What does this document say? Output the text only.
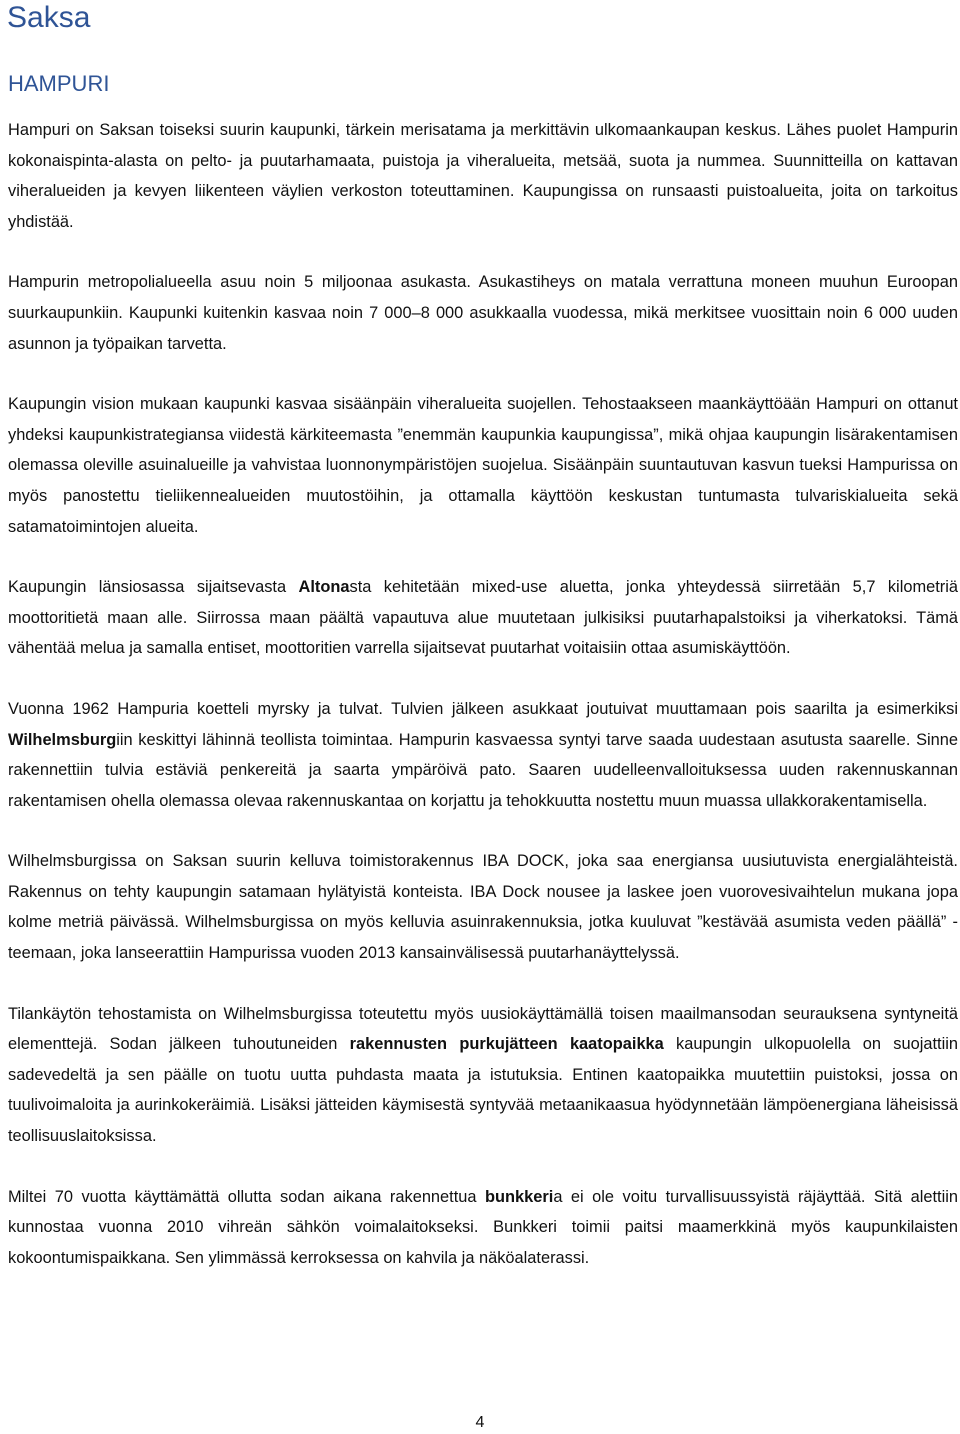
Saksa
HAMPURI

Hampuri on Saksan toiseksi suurin kaupunki, tärkein merisatama ja merkittävin ulkomaankaupan keskus. Lähes puolet Hampurin kokonaispinta-alasta on pelto- ja puutarhamaata, puistoja ja viheralueita, metsää, suota ja nummea. Suunnitteilla on kattavan viheralueiden ja kevyen liikenteen väylien verkoston toteuttaminen. Kaupungissa on runsaasti puistoalueita, joita on tarkoitus yhdistää.

Hampurin metropolialueella asuu noin 5 miljoonaa asukasta. Asukastiheys on matala verrattuna moneen muuhun Euroopan suurkaupunkiin. Kaupunki kuitenkin kasvaa noin 7 000–8 000 asukkaalla vuodessa, mikä merkitsee vuosittain noin 6 000 uuden asunnon ja työpaikan tarvetta.

Kaupungin vision mukaan kaupunki kasvaa sisäänpäin viheralueita suojellen. Tehostaakseen maankäyttöään Hampuri on ottanut yhdeksi kaupunkistrategiansa viidestä kärkiteemasta ”enemmän kaupunkia kaupungissa”, mikä ohjaa kaupungin lisärakentamisen olemassa oleville asuinalueille ja vahvistaa luonnonympäristöjen suojelua. Sisäänpäin suuntautuvan kasvun tueksi Hampurissa on myös panostettu tieliikennealueiden muutostöihin, ja ottamalla käyttöön keskustan tuntumasta tulvariskialueita sekä satamatoimintojen alueita.

Kaupungin länsiosassa sijaitsevasta Altonasta kehitetään mixed-use aluetta, jonka yhteydessä siirretään 5,7 kilometriä moottoritietä maan alle. Siirrossa maan päältä vapautuva alue muutetaan julkisiksi puutarhapalstoiksi ja viherkatoksi. Tämä vähentää melua ja samalla entiset, moottoritien varrella sijaitsevat puutarhat voitaisiin ottaa asumiskäyttöön.

Vuonna 1962 Hampuria koetteli myrsky ja tulvat. Tulvien jälkeen asukkaat joutuivat muuttamaan pois saarilta ja esimerkiksi Wilhelmsburgiin keskittyi lähinnä teollista toimintaa. Hampurin kasvaessa syntyi tarve saada uudestaan asutusta saarelle. Sinne rakennettiin tulvia estäviä penkereitä ja saarta ympäröivä pato. Saaren uudelleenvalloituksessa uuden rakennuskannan rakentamisen ohella olemassa olevaa rakennuskantaa on korjattu ja tehokkuutta nostettu muun muassa ullakkorakentamisella.

Wilhelmsburgissa on Saksan suurin kelluva toimistorakennus IBA DOCK, joka saa energiansa uusiutuvista energialähteistä. Rakennus on tehty kaupungin satamaan hylätyistä konteista. IBA Dock nousee ja laskee joen vuorovesivaihtelun mukana jopa kolme metriä päivässä. Wilhelmsburgissa on myös kelluvia asuinrakennuksia, jotka kuuluvat ”kestävää asumista veden päällä” -teemaan, joka lanseerattiin Hampurissa vuoden 2013 kansainvälisessä puutarhanäyttelyssä.

Tilankäytön tehostamista on Wilhelmsburgissa toteutettu myös uusiokäyttämällä toisen maailmansodan seurauksena syntyneitä elementtejä. Sodan jälkeen tuhoutuneiden rakennusten purkujätteen kaatopaikka kaupungin ulkopuolella on suojattiin sadevedeltä ja sen päälle on tuotu uutta puhdasta maata ja istutuksia. Entinen kaatopaikka muutettiin puistoksi, jossa on tuulivoimaloita ja aurinkokeräimiä. Lisäksi jätteiden käymisestä syntyvää metaanikaasua hyödynnetään lämpöenergiana läheisissä teollisuuslaitoksissa.

Miltei 70 vuotta käyttämättä ollutta sodan aikana rakennettua bunkkeria ei ole voitu turvallisuussyistä räjäyttää. Sitä alettiin kunnostaa vuonna 2010 vihreän sähkön voimalaitokseksi. Bunkkeri toimii paitsi maamerkkinä myös kaupunkilaisten kokoontumispaikkana. Sen ylimmässä kerroksessa on kahvila ja näköalaterassi.

4
